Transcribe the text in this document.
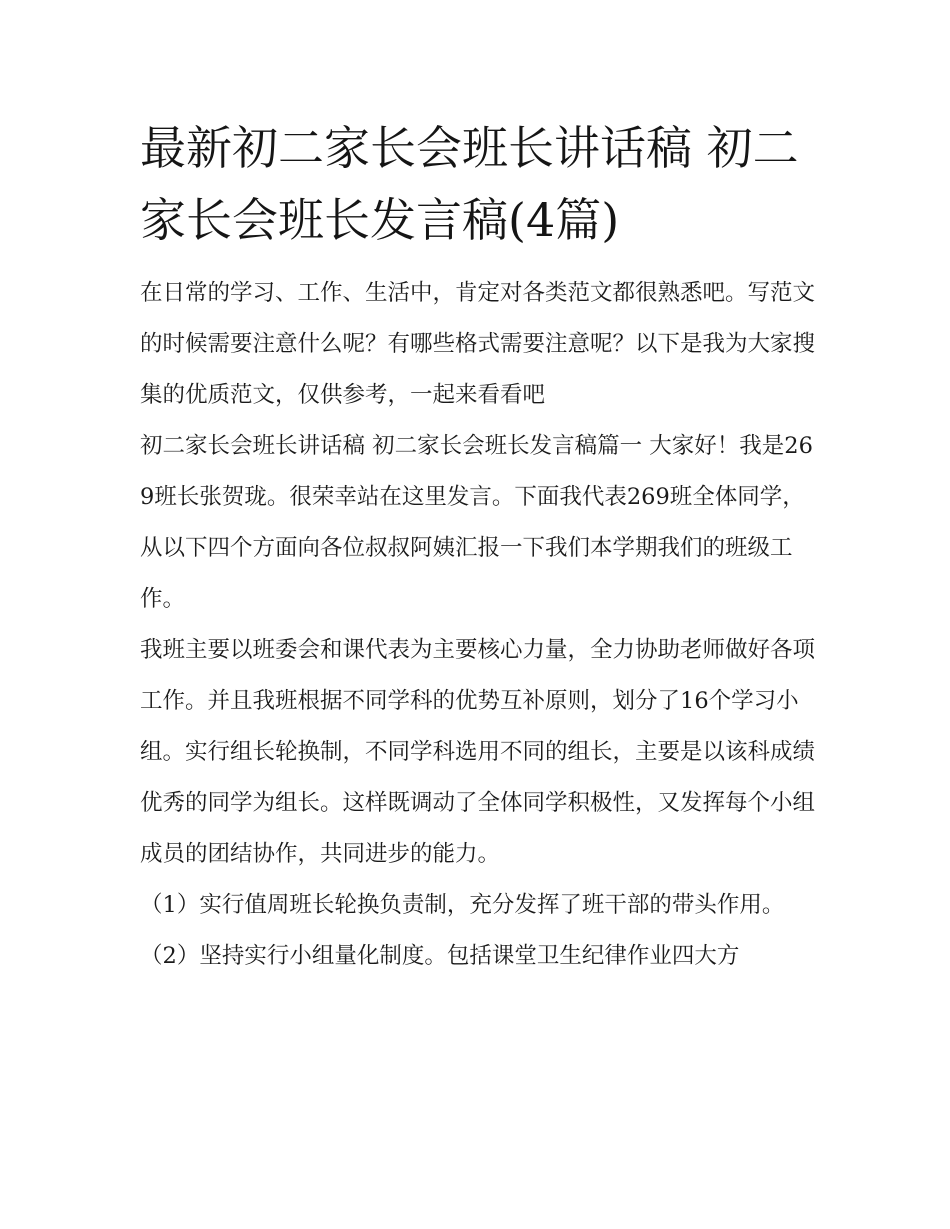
最新初二家长会班长讲话稿 初二家长会班长发言稿(4篇)

在日常的学习、工作、生活中，肯定对各类范文都很熟悉吧。写范文的时候需要注意什么呢？有哪些格式需要注意呢？以下是我为大家搜集的优质范文，仅供参考，一起来看看吧

初二家长会班长讲话稿 初二家长会班长发言稿篇一 大家好！我是269班长张贺珑。很荣幸站在这里发言。下面我代表269班全体同学，从以下四个方面向各位叔叔阿姨汇报一下我们本学期我们的班级工作。

我班主要以班委会和课代表为主要核心力量，全力协助老师做好各项工作。并且我班根据不同学科的优势互补原则，划分了16个学习小组。实行组长轮换制，不同学科选用不同的组长，主要是以该科成绩优秀的同学为组长。这样既调动了全体同学积极性，又发挥每个小组成员的团结协作，共同进步的能力。

（1）实行值周班长轮换负责制，充分发挥了班干部的带头作用。

（2）坚持实行小组量化制度。包括课堂卫生纪律作业四大方
